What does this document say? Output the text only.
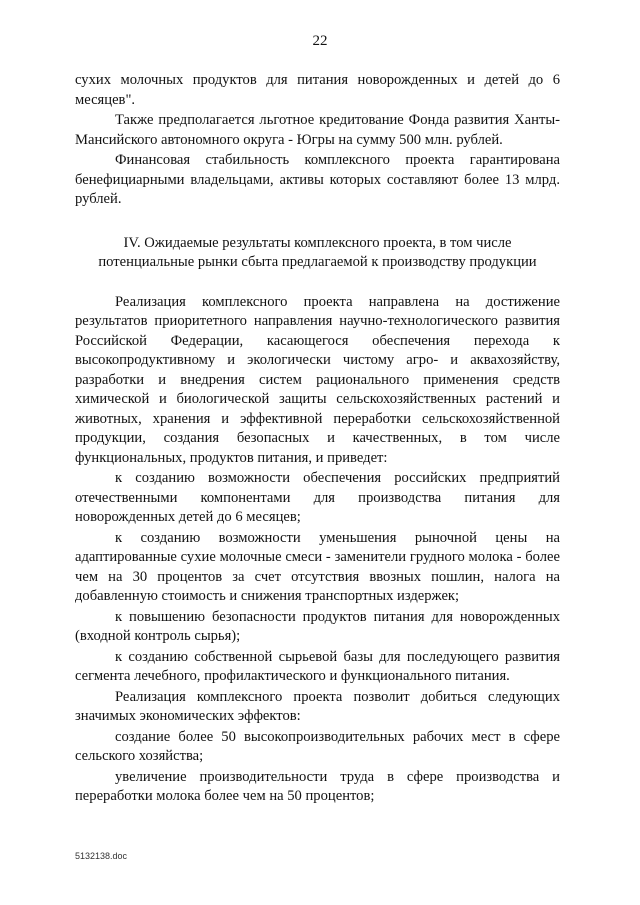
22

сухих молочных продуктов для питания новорожденных и детей до 6 месяцев".

Также предполагается льготное кредитование Фонда развития Ханты-Мансийского автономного округа - Югры на сумму 500 млн. рублей.

Финансовая стабильность комплексного проекта гарантирована бенефициарными владельцами, активы которых составляют более 13 млрд. рублей.

IV. Ожидаемые результаты комплексного проекта, в том числе
потенциальные рынки сбыта предлагаемой к производству продукции

Реализация комплексного проекта направлена на достижение результатов приоритетного направления научно-технологического развития Российской Федерации, касающегося обеспечения перехода к высокопродуктивному и экологически чистому агро- и аквахозяйству, разработки и внедрения систем рационального применения средств химической и биологической защиты сельскохозяйственных растений и животных, хранения и эффективной переработки сельскохозяйственной продукции, создания безопасных и качественных, в том числе функциональных, продуктов питания, и приведет:

к созданию возможности обеспечения российских предприятий отечественными компонентами для производства питания для новорожденных детей до 6 месяцев;

к созданию возможности уменьшения рыночной цены на адаптированные сухие молочные смеси - заменители грудного молока - более чем на 30 процентов за счет отсутствия ввозных пошлин, налога на добавленную стоимость и снижения транспортных издержек;

к повышению безопасности продуктов питания для новорожденных (входной контроль сырья);

к созданию собственной сырьевой базы для последующего развития сегмента лечебного, профилактического и функционального питания.

Реализация комплексного проекта позволит добиться следующих значимых экономических эффектов:

создание более 50 высокопроизводительных рабочих мест в сфере сельского хозяйства;

увеличение производительности труда в сфере производства и переработки молока более чем на 50 процентов;

5132138.doc
